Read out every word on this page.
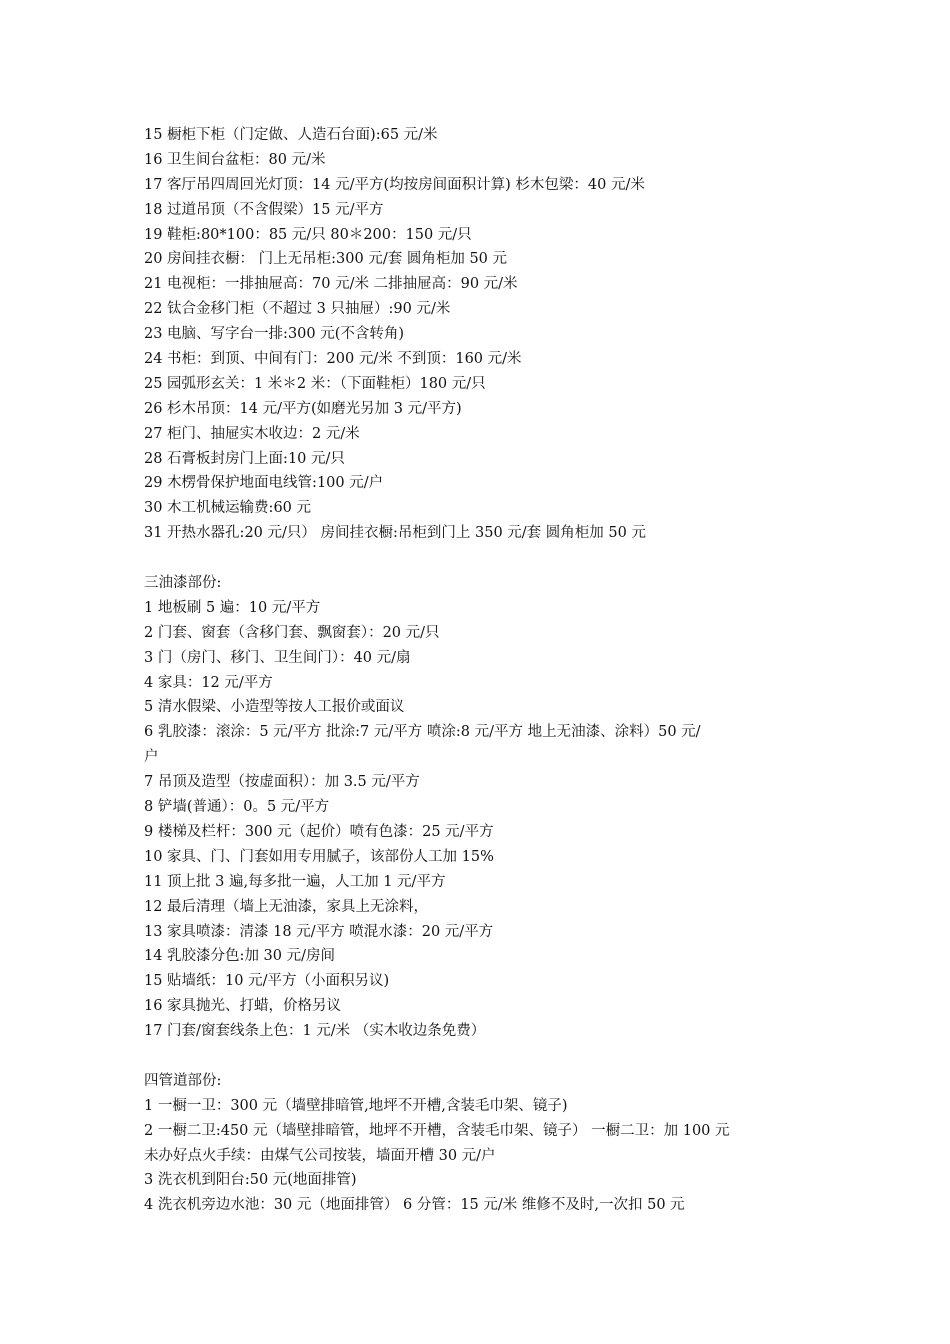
15 橱柜下柜（门定做、人造石台面):65 元/米
16 卫生间台盆柜：80 元/米
17 客厅吊四周回光灯顶：14 元/平方(均按房间面积计算) 杉木包梁：40 元/米
18 过道吊顶（不含假梁）15 元/平方
19 鞋柜:80*100：85 元/只 80＊200：150 元/只
20 房间挂衣橱： 门上无吊柜:300 元/套 圆角柜加 50 元
21 电视柜：一排抽屉高：70 元/米 二排抽屉高：90 元/米
22 钛合金移门柜（不超过 3 只抽屉）:90 元/米
23 电脑、写字台一排:300 元(不含转角)
24 书柜：到顶、中间有门：200 元/米 不到顶：160 元/米
25 园弧形玄关：1 米＊2 米：（下面鞋柜）180 元/只
26 杉木吊顶：14 元/平方(如磨光另加 3 元/平方)
27 柜门、抽屉实木收边：2 元/米
28 石膏板封房门上面:10 元/只
29 木楞骨保护地面电线管:100 元/户
30 木工机械运输费:60 元
31 开热水器孔:20 元/只） 房间挂衣橱:吊柜到门上 350 元/套 圆角柜加 50 元
三油漆部份:
1 地板刷 5 遍：10 元/平方
2 门套、窗套（含移门套、飘窗套）：20 元/只
3 门（房门、移门、卫生间门）：40 元/扇
4 家具：12 元/平方
5 清水假梁、小造型等按人工报价或面议
6 乳胶漆：滚涂：5 元/平方 批涂:7 元/平方 喷涂:8 元/平方 地上无油漆、涂料）50 元/
户
7 吊顶及造型（按虚面积）：加 3.5 元/平方
8 铲墙(普通）：0。5 元/平方
9 楼梯及栏杆：300 元（起价）喷有色漆：25 元/平方
10 家具、门、门套如用专用腻子，该部份人工加 15%
11 顶上批 3 遍,每多批一遍，人工加 1 元/平方
12 最后清理（墙上无油漆，家具上无涂料，
13 家具喷漆：清漆 18 元/平方 喷混水漆：20 元/平方
14 乳胶漆分色:加 30 元/房间
15 贴墙纸：10 元/平方（小面积另议)
16 家具抛光、打蜡，价格另议
17 门套/窗套线条上色：1 元/米 （实木收边条免费）
四管道部份:
1 一橱一卫：300 元（墙壁排暗管,地坪不开槽,含装毛巾架、镜子)
2 一橱二卫:450 元（墙壁排暗管，地坪不开槽，含装毛巾架、镜子） 一橱二卫：加 100 元
未办好点火手续：由煤气公司按装，墙面开槽 30 元/户
3 洗衣机到阳台:50 元(地面排管)
4 洗衣机旁边水池：30 元（地面排管） 6 分管：15 元/米 维修不及时,一次扣 50 元
